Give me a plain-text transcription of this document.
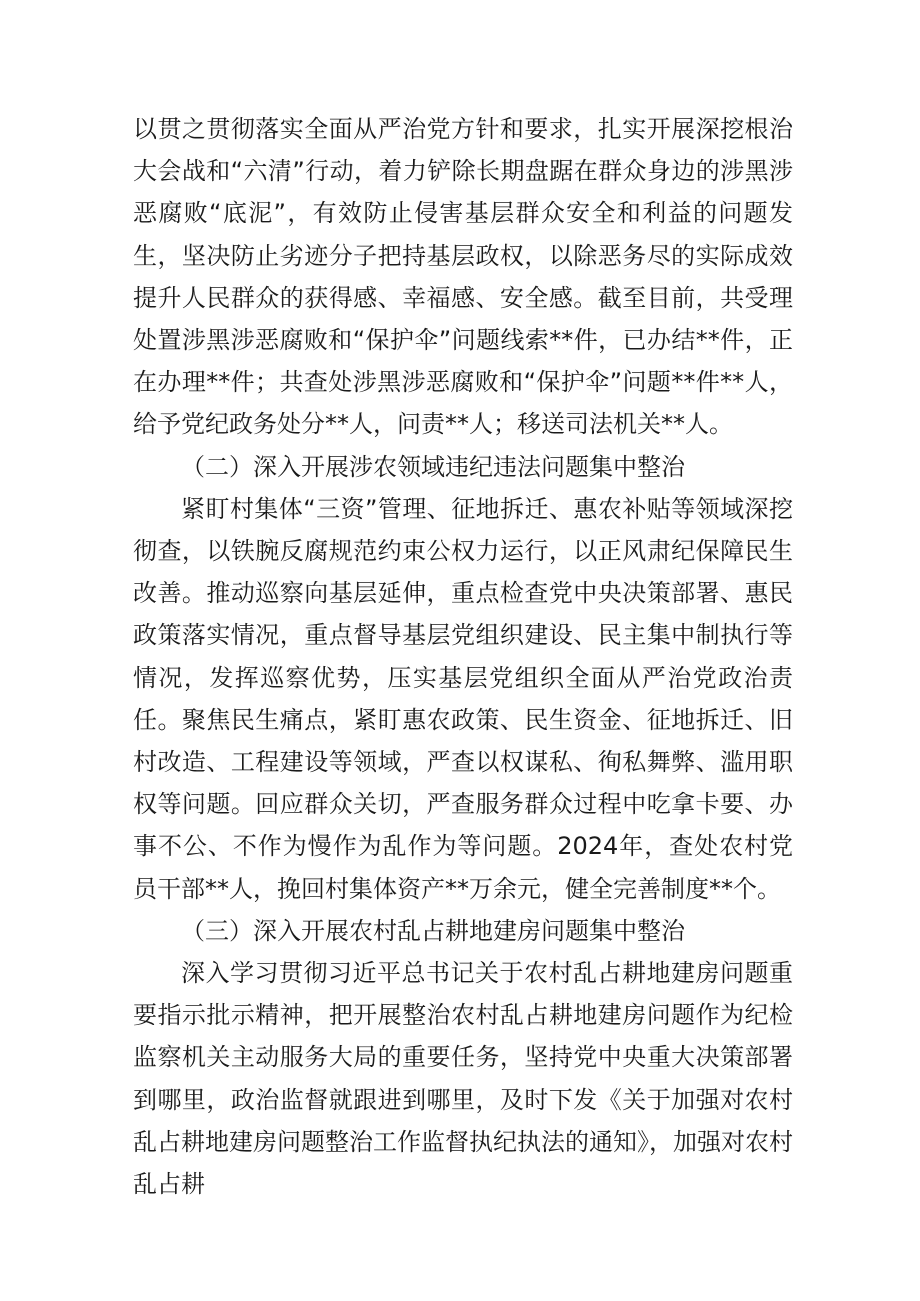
以贯之贯彻落实全面从严治党方针和要求，扎实开展深挖根治大会战和“六清”行动，着力铲除长期盘踞在群众身边的涉黑涉恶腐败“底泥”，有效防止侵害基层群众安全和利益的问题发生，坚决防止劣迹分子把持基层政权，以除恶务尽的实际成效提升人民群众的获得感、幸福感、安全感。截至目前，共受理处置涉黑涉恶腐败和“保护伞”问题线索**件，已办结**件，正在办理**件；共查处涉黑涉恶腐败和“保护伞”问题**件**人，给予党纪政务处分**人，问责**人；移送司法机关**人。

（二）深入开展涉农领域违纪违法问题集中整治

紧盯村集体“三资”管理、征地拆迁、惠农补贴等领域深挖彻查，以铁腕反腐规范约束公权力运行，以正风肃纪保障民生改善。推动巡察向基层延伸，重点检查党中央决策部署、惠民政策落实情况，重点督导基层党组织建设、民主集中制执行等情况，发挥巡察优势，压实基层党组织全面从严治党政治责任。聚焦民生痛点，紧盯惠农政策、民生资金、征地拆迁、旧村改造、工程建设等领域，严查以权谋私、徇私舞弊、滥用职权等问题。回应群众关切，严查服务群众过程中吃拿卡要、办事不公、不作为慢作为乱作为等问题。2024年，查处农村党员干部**人，挽回村集体资产**万余元，健全完善制度**个。

（三）深入开展农村乱占耕地建房问题集中整治

深入学习贯彻习近平总书记关于农村乱占耕地建房问题重要指示批示精神，把开展整治农村乱占耕地建房问题作为纪检监察机关主动服务大局的重要任务，坚持党中央重大决策部署到哪里，政治监督就跟进到哪里，及时下发《关于加强对农村乱占耕地建房问题整治工作监督执纪执法的通知》，加强对农村乱占耕
